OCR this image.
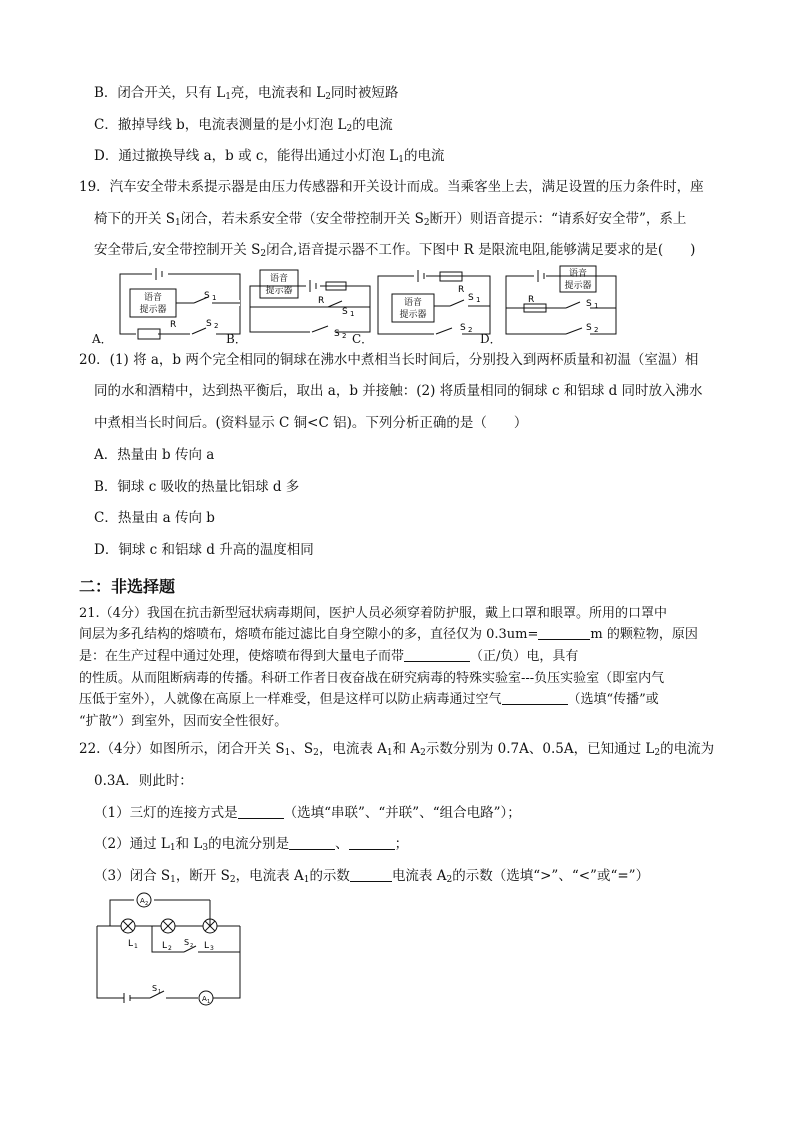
B．闭合开关，只有 $L_1$亮，电流表和 $L_2$同时被短路
C．撤掉导线 b，电流表测量的是小灯泡 $L_2$的电流
D．通过撤换导线 a，b 或 c，能得出通过小灯泡 $L_1$的电流
19．汽车安全带未系提示器是由压力传感器和开关设计而成。当乘客坐上去，满足设置的压力条件时，座
椅下的开关 $S_1$闭合，若未系安全带（安全带控制开关 $S_2$断开）则语音提示：“请系好安全带”，系上
安全带后,安全带控制开关 $S_2$闭合,语音提示器不工作。下图中 R 是限流电阻,能够满足要求的是(　　)
语音
提示器
S 1
R	S 2
语音
提示器
R
S 1
S 2
R
语音
提示器
S 1
S 2
语音
提示器
R	S 1
S 2
A．	B．	C．	D．
20．(1) 将 a，b 两个完全相同的铜球在沸水中煮相当长时间后，分别投入到两杯质量和初温（室温）相
同的水和酒精中，达到热平衡后，取出 a，b 并接触：(2) 将质量相同的铜球 c 和铝球 d 同时放入沸水
中煮相当长时间后。(资料显示 C 铜<C 铝)。下列分析正确的是（　　）
A．热量由 b 传向 a
B．铜球 c 吸收的热量比铝球 d 多
C．热量由 a 传向 b
D．铜球 c 和铝球 d 升高的温度相同
二：非选择题
21.（4分）我国在抗击新型冠状病毒期间，医护人员必须穿着防护服，戴上口罩和眼罩。所用的口罩中
间层为多孔结构的熔喷布，熔喷布能过滤比自身空隙小的多，直径仅为 0.3um=	m 的颗粒物，原因
是：在生产过程中通过处理，使熔喷布得到大量电子而带	（正/负）电，具有
的性质。从而阻断病毒的传播。科研工作者日夜奋战在研究病毒的特殊实验室---负压实验室（即室内气
压低于室外），人就像在高原上一样难受，但是这样可以防止病毒通过空气	（选填“传播”或
“扩散”）到室外，因而安全性很好。
22.（4分）如图所示，闭合开关 $S_1$、$S_2$，电流表 $A_1$和 $A_2$示数分别为 0.7A、0.5A，已知通过 $L_2$的电流为
0.3A．则此时：
（1）三灯的连接方式是	（选填“串联”、“并联”、“组合电路”）；
（2）通过 $L_1$和 $L_3$的电流分别是	、	；
（3）闭合 $S_1$，断开 $S_2$，电流表 $A_1$的示数	电流表 $A_2$的示数（选填“>”、“<”或“=”）
A 2
L 1	L 2	L 3
S 2
S 1
A 1
